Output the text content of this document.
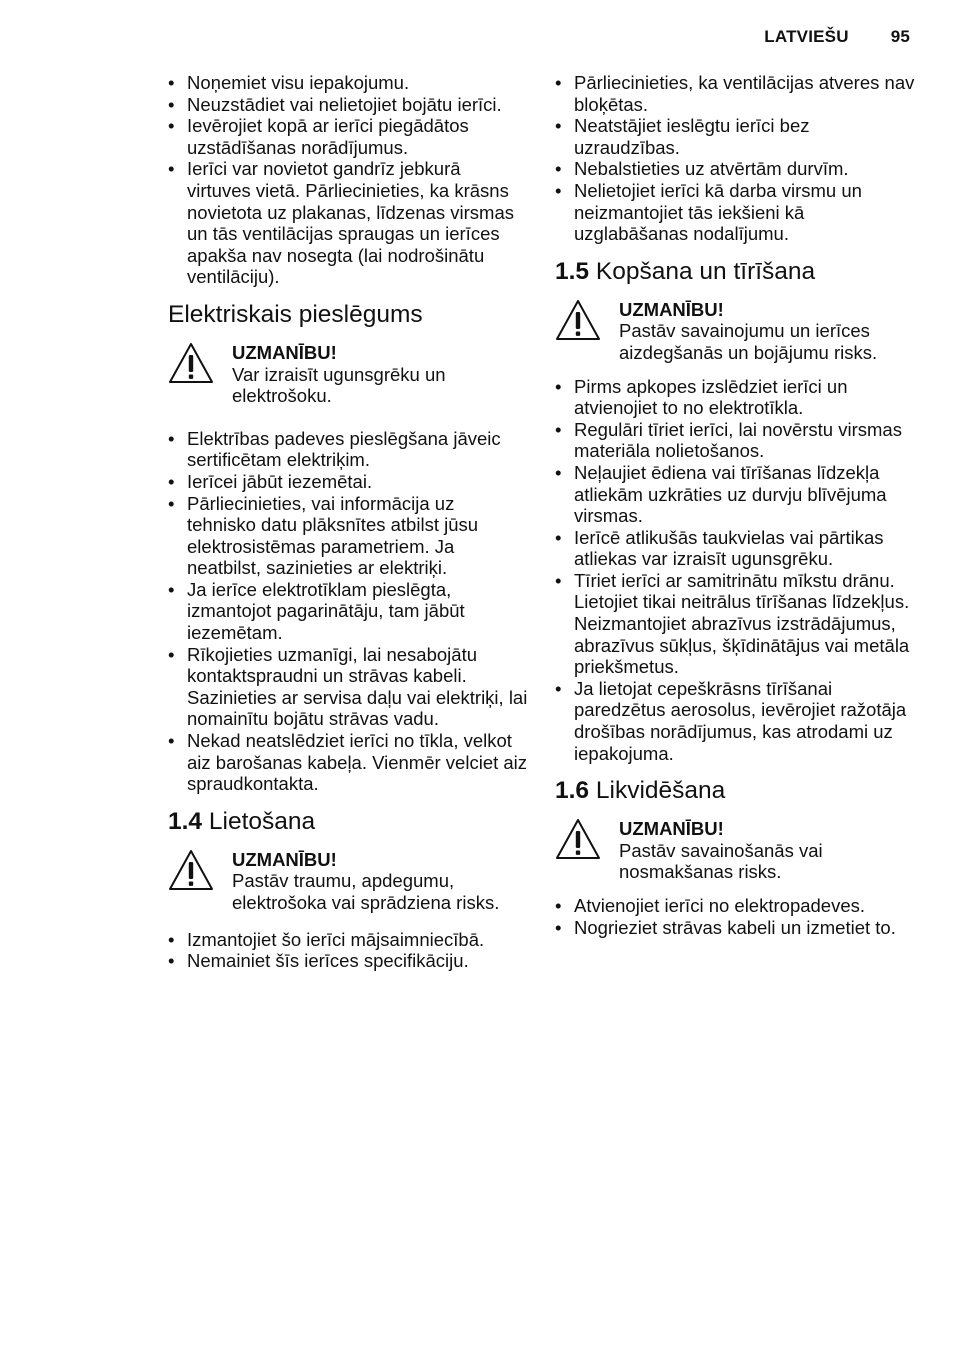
LATVIEŠU 95
• Noņemiet visu iepakojumu.
• Neuzstādiet vai nelietojiet bojātu ierīci.
• Ievērojiet kopā ar ierīci piegādātos uzstādīšanas norādījumus.
• Ierīci var novietot gandrīz jebkurā virtuves vietā. Pārliecinieties, ka krāsns novietota uz plakanas, līdzenas virsmas un tās ventilācijas spraugas un ierīces apakša nav nosegta (lai nodrošinātu ventilāciju).
Elektriskais pieslēgums
UZMANĪBU!
Var izraisīt ugunsgrēku un elektrošoku.
• Elektrības padeves pieslēgšana jāveic sertificētam elektriķim.
• Ierīcei jābūt iezemētai.
• Pārliecinieties, vai informācija uz tehnisko datu plāksnītes atbilst jūsu elektrosistēmas parametriem. Ja neatbilst, sazinieties ar elektriķi.
• Ja ierīce elektrotīklam pieslēgta, izmantojot pagarinātāju, tam jābūt iezemētam.
• Rīkojieties uzmanīgi, lai nesabojātu kontaktspraudni un strāvas kabeli. Sazinieties ar servisa daļu vai elektriķi, lai nomainītu bojātu strāvas vadu.
• Nekad neatslēdziet ierīci no tīkla, velkot aiz barošanas kabeļa. Vienmēr velciet aiz spraudkontakta.
1.4 Lietošana
UZMANĪBU!
Pastāv traumu, apdegumu, elektrošoka vai sprādziena risks.
• Izmantojiet šo ierīci mājsaimniecībā.
• Nemainiet šīs ierīces specifikāciju.
• Pārliecinieties, ka ventilācijas atveres nav bloķētas.
• Neatstājiet ieslēgtu ierīci bez uzraudzības.
• Nebalstieties uz atvērtām durvīm.
• Nelietojiet ierīci kā darba virsmu un neizmantojiet tās iekšieni kā uzglabāšanas nodalījumu.
1.5 Kopšana un tīrīšana
UZMANĪBU!
Pastāv savainojumu un ierīces aizdegšanās un bojājumu risks.
• Pirms apkopes izslēdziet ierīci un atvienojiet to no elektrotīkla.
• Regulāri tīriet ierīci, lai novērstu virsmas materiāla nolietošanos.
• Neļaujiet ēdiena vai tīrīšanas līdzekļa atliekām uzkrāties uz durvju blīvējuma virsmas.
• Ierīcē atlikušās taukvielas vai pārtikas atliekas var izraisīt ugunsgrēku.
• Tīriet ierīci ar samitrinātu mīkstu drānu. Lietojiet tikai neitrālus tīrīšanas līdzekļus. Neizmantojiet abrazīvus izstrādājumus, abrazīvus sūkļus, šķīdinātājus vai metāla priekšmetus.
• Ja lietojat cepeškrāsns tīrīšanai paredzētus aerosolus, ievērojiet ražotāja drošības norādījumus, kas atrodami uz iepakojuma.
1.6 Likvidēšana
UZMANĪBU!
Pastāv savainošanās vai nosmakšanas risks.
• Atvienojiet ierīci no elektropadeves.
• Nogrieziet strāvas kabeli un izmetiet to.
